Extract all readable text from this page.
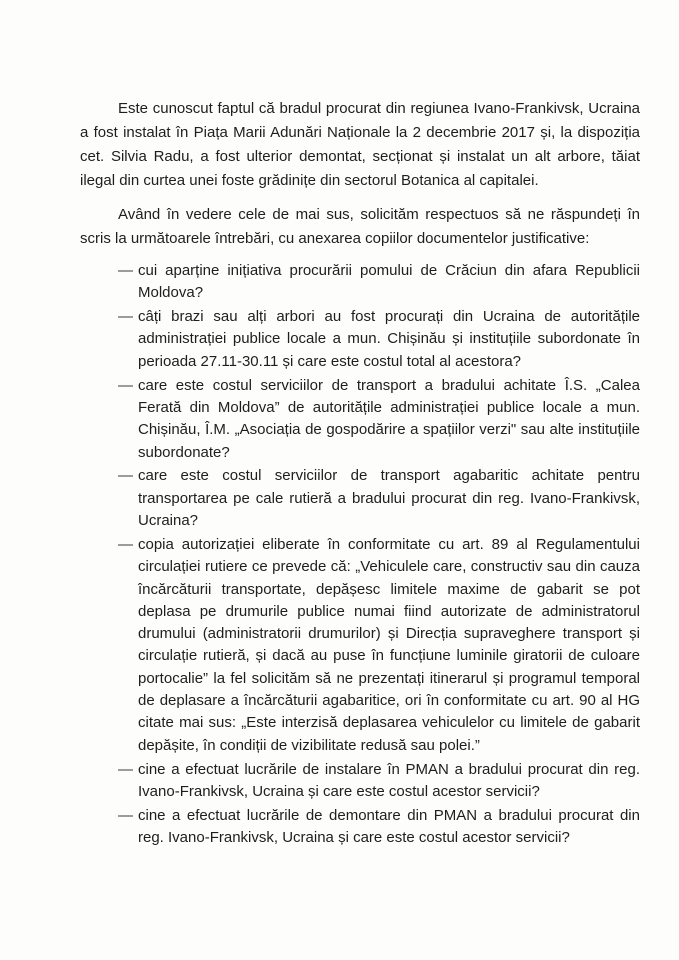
Este cunoscut faptul că bradul procurat din regiunea Ivano-Frankivsk, Ucraina a fost instalat în Piața Marii Adunări Naționale la 2 decembrie 2017 și, la dispoziția cet. Silvia Radu, a fost ulterior demontat, secționat și instalat un alt arbore, tăiat ilegal din curtea unei foste grădinițe din sectorul Botanica al capitalei.

Având în vedere cele de mai sus, solicităm respectuos să ne răspundeți în scris la următoarele întrebări, cu anexarea copiilor documentelor justificative:

— cui aparține inițiativa procurării pomului de Crăciun din afara Republicii Moldova?
— câți brazi sau alți arbori au fost procurați din Ucraina de autoritățile administrației publice locale a mun. Chișinău și instituțiile subordonate în perioada 27.11-30.11 și care este costul total al acestora?
— care este costul serviciilor de transport a bradului achitate Î.S. „Calea Ferată din Moldova” de autoritățile administrației publice locale a mun. Chișinău, Î.M. „Asociația de gospodărire a spațiilor verzi" sau alte instituțiile subordonate?
— care este costul serviciilor de transport agabaritic achitate pentru transportarea pe cale rutieră a bradului procurat din reg. Ivano-Frankivsk, Ucraina?
— copia autorizației eliberate în conformitate cu art. 89 al Regulamentului circulației rutiere ce prevede că: „Vehiculele care, constructiv sau din cauza încărcăturii transportate, depășesc limitele maxime de gabarit se pot deplasa pe drumurile publice numai fiind autorizate de administratorul drumului (administratorii drumurilor) și Direcția supraveghere transport și circulație rutieră, și dacă au puse în funcțiune luminile giratorii de culoare portocalie” la fel solicităm să ne prezentați itinerarul și programul temporal de deplasare a încărcăturii agabaritice, ori în conformitate cu art. 90 al HG citate mai sus: „Este interzisă deplasarea vehiculelor cu limitele de gabarit depășite, în condiții de vizibilitate redusă sau polei.”
— cine a efectuat lucrările de instalare în PMAN a bradului procurat din reg. Ivano-Frankivsk, Ucraina și care este costul acestor servicii?
— cine a efectuat lucrările de demontare din PMAN a bradului procurat din reg. Ivano-Frankivsk, Ucraina și care este costul acestor servicii?
